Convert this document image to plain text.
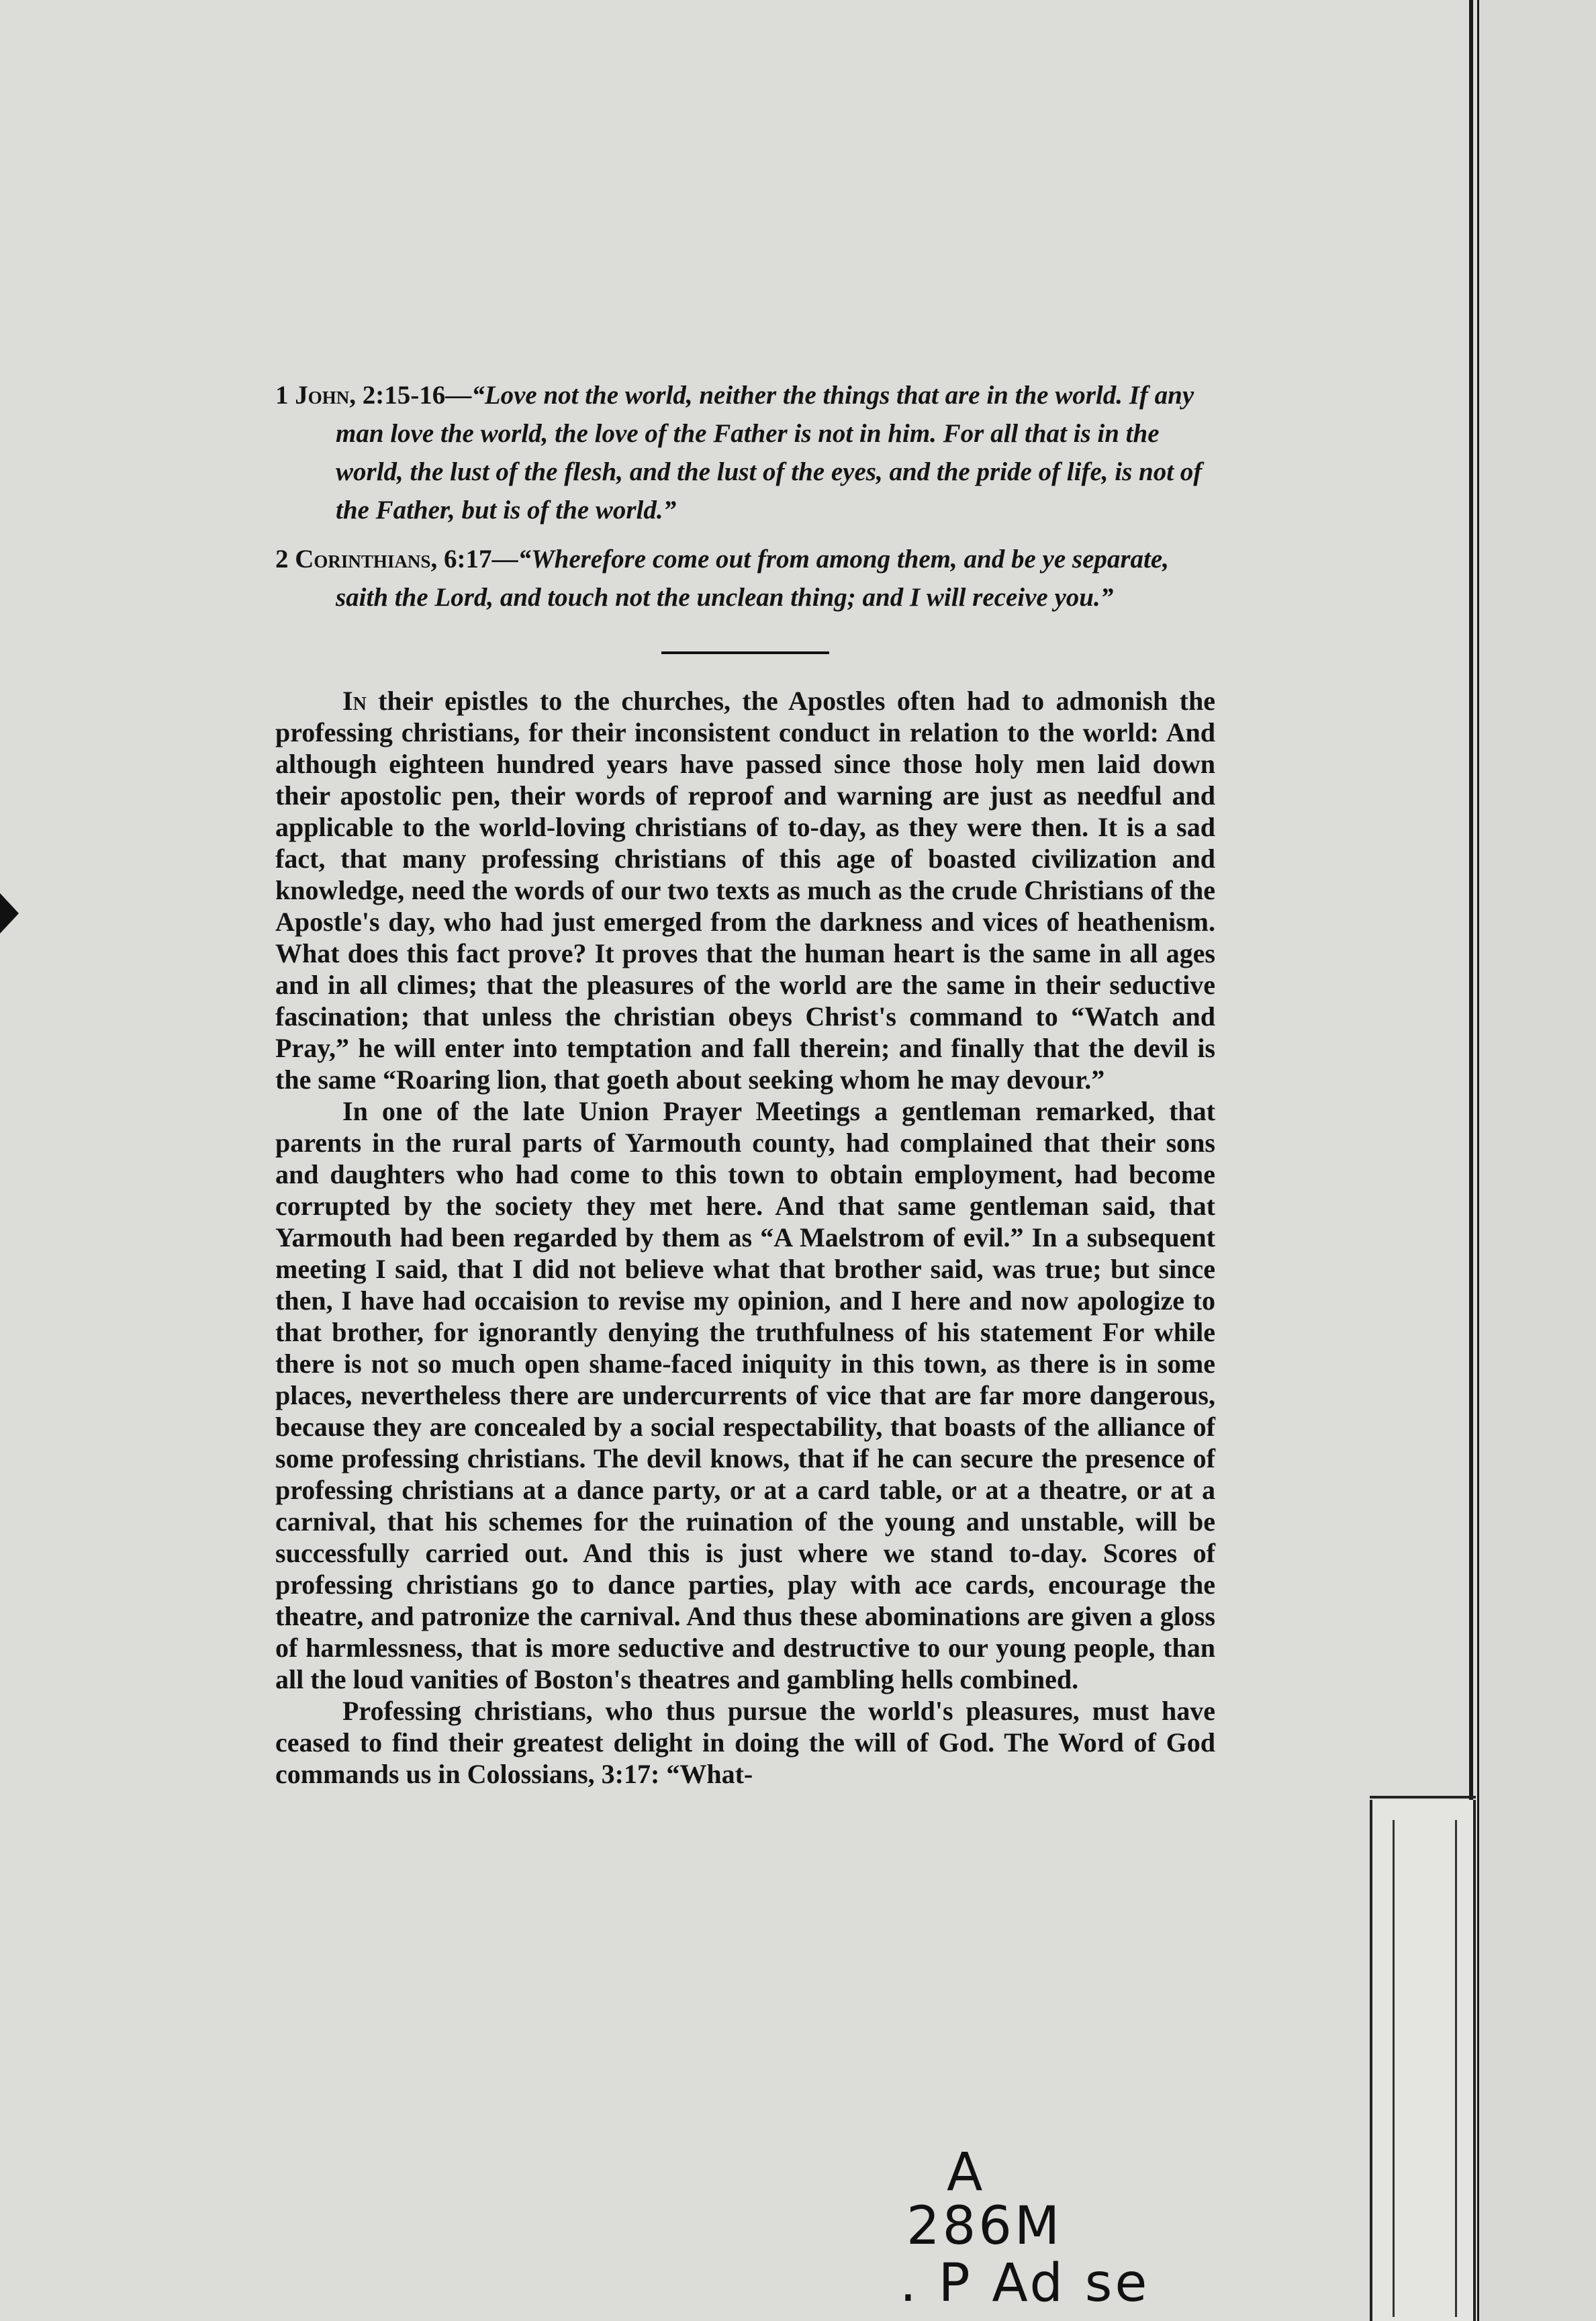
1 John, 2:15-16—“Love not the world, neither the things that are in the world. If any man love the world, the love of the Father is not in him. For all that is in the world, the lust of the flesh, and the lust of the eyes, and the pride of life, is not of the Father, but is of the world.”
2 Corinthians, 6:17—“Wherefore come out from among them, and be ye separate, saith the Lord, and touch not the unclean thing; and I will receive you.”

In their epistles to the churches, the Apostles often had to admonish the professing christians, for their inconsistent conduct in relation to the world: And although eighteen hundred years have passed since those holy men laid down their apostolic pen, their words of reproof and warning are just as needful and applicable to the world-loving christians of to-day, as they were then. It is a sad fact, that many professing christians of this age of boasted civilization and knowledge, need the words of our two texts as much as the crude Christians of the Apostle's day, who had just emerged from the darkness and vices of heathenism. What does this fact prove? It proves that the human heart is the same in all ages and in all climes; that the pleasures of the world are the same in their seductive fascination; that unless the christian obeys Christ's command to “Watch and Pray,” he will enter into temptation and fall therein; and finally that the devil is the same “Roaring lion, that goeth about seeking whom he may devour.”

In one of the late Union Prayer Meetings a gentleman remarked, that parents in the rural parts of Yarmouth county, had complained that their sons and daughters who had come to this town to obtain employment, had become corrupted by the society they met here. And that same gentleman said, that Yarmouth had been regarded by them as “A Maelstrom of evil.” In a subsequent meeting I said, that I did not believe what that brother said, was true; but since then, I have had occaision to revise my opinion, and I here and now apologize to that brother, for ignorantly denying the truthfulness of his statement For while there is not so much open shame-faced iniquity in this town, as there is in some places, nevertheless there are undercurrents of vice that are far more dangerous, because they are concealed by a social respectability, that boasts of the alliance of some professing christians. The devil knows, that if he can secure the presence of professing christians at a dance party, or at a card table, or at a theatre, or at a carnival, that his schemes for the ruination of the young and unstable, will be successfully carried out. And this is just where we stand to-day. Scores of professing christians go to dance parties, play with ace cards, encourage the theatre, and patronize the carnival. And thus these abominations are given a gloss of harmlessness, that is more seductive and destructive to our young people, than all the loud vanities of Boston's theatres and gambling hells combined.

Professing christians, who thus pursue the world's pleasures, must have ceased to find their greatest delight in doing the will of God. The Word of God commands us in Colossians, 3:17: “What-

A
286M
. P Ad se
